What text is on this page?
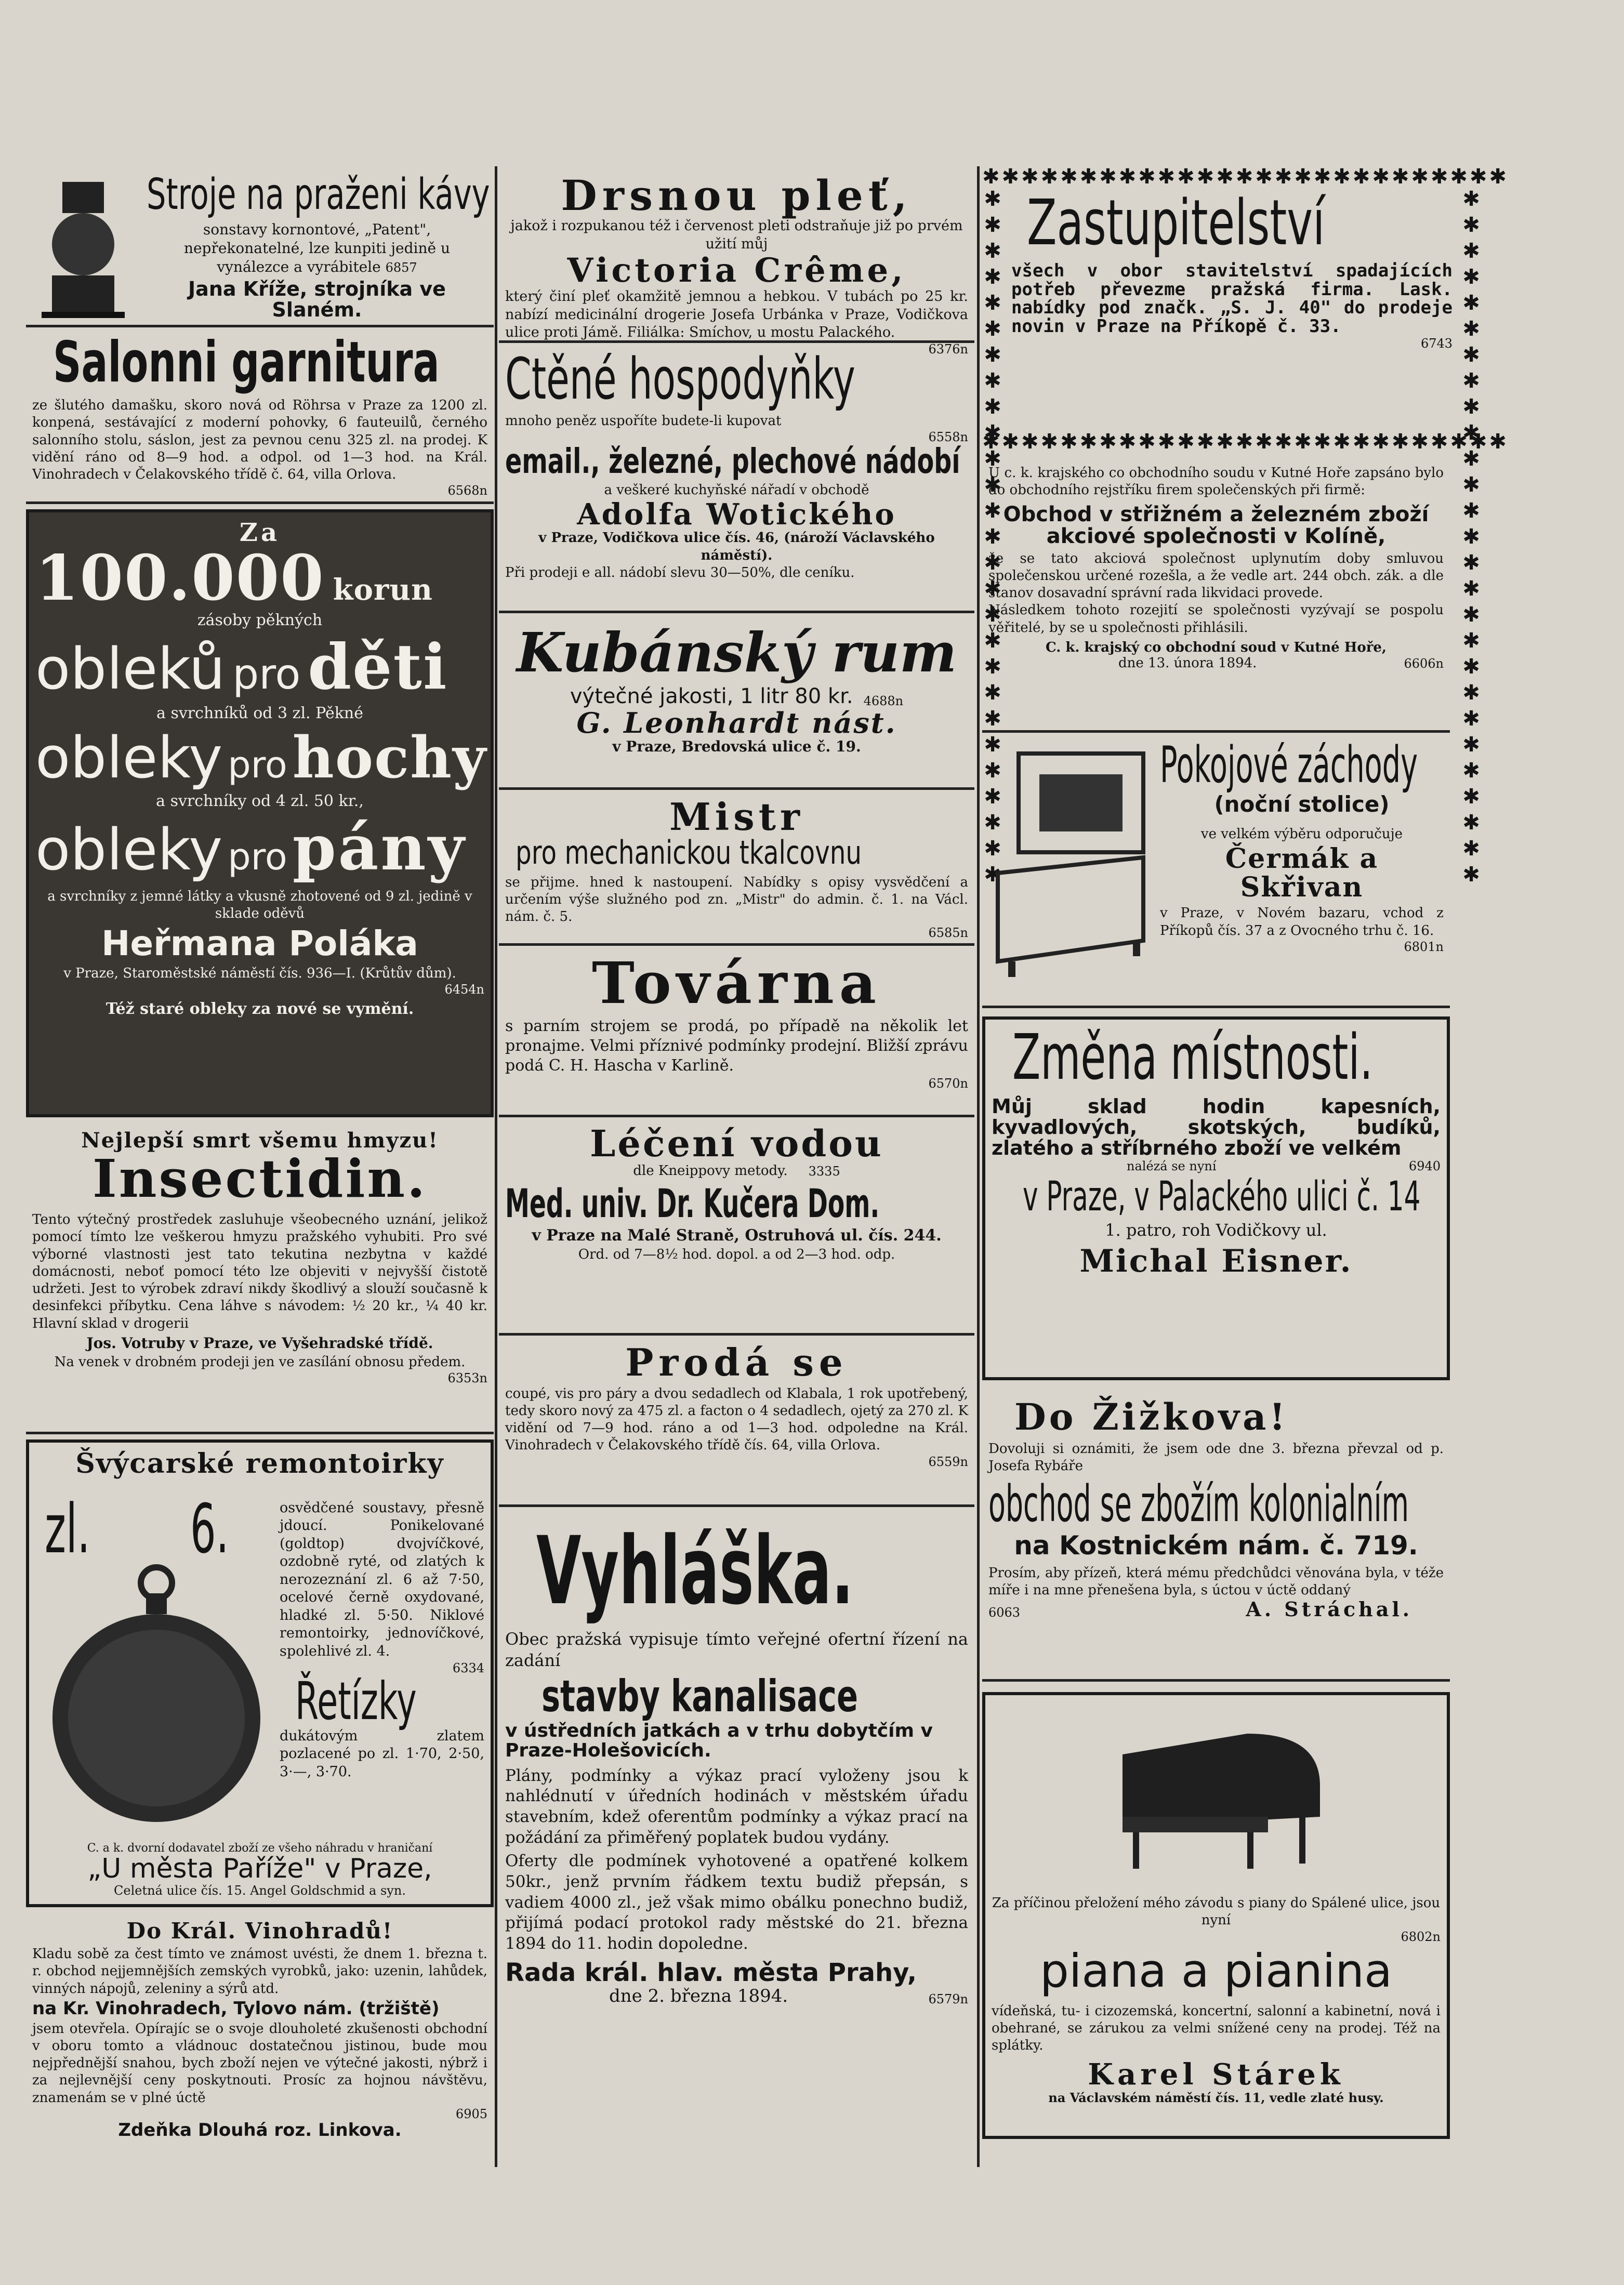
Stroje na praženi kávy
sonstavy kornontové, „Patent", nepřekonatelné, lze kunpiti jedině u vynálezce a vyrábitele 6857
Jana Kříže, strojníka ve Slaném.
Salonni garnitura
ze šlutého damašku, skoro nová od Röhrsa v Praze za 1200 zl. konpená, sestávající z moderní pohovky, 6 fauteuilů, černého salonního stolu, sáslon, jest za pevnou cenu 325 zl. na prodej. K vidění ráno od 8—9 hod. a odpol. od 1—3 hod. na Král. Vinohradech v Čelakovského třídě č. 64, villa Orlova.
6568n
Za
100.000 korun
zásoby pěkných
obleků pro děti
a svrchníků od 3 zl. Pěkné
obleky pro hochy
a svrchníky od 4 zl. 50 kr.,
obleky pro pány
a svrchníky z jemné látky a vkusně zhotovené od 9 zl. jedině v sklade oděvů
Heřmana Poláka
v Praze, Staroměstské náměstí čís. 936—I. (Krůtův dům).
6454n
Též staré obleky za nové se vymění.
Nejlepší smrt všemu hmyzu!
Insectidin.
Tento výtečný prostředek zasluhuje všeobecného uznání, jelikož pomocí tímto lze veškerou hmyzu pražského vyhubiti. Pro své výborné vlastnosti jest tato tekutina nezbytna v každé domácnosti, neboť pomocí této lze objeviti v nejvyšší čistotě udržeti. Jest to výrobek zdraví nikdy škodlivý a slouží současně k desinfekci příbytku. Cena láhve s návodem: ⅟₂ 20 kr., ⅟₄ 40 kr. Hlavní sklad v drogerii
Jos. Votruby v Praze, ve Vyšehradské třídě.
Na venek v drobném prodeji jen ve zasílání obnosu předem.
6353n
Švýcarské remontoirky
zl. 6.	osvědčené soustavy, přesně jdoucí. Ponikelované (goldtop) dvojvíčkové, ozdobně ryté, od zlatých k nerozeznání zl. 6 až 7·50, ocelové černě oxydované, hladké zl. 5·50. Niklové remontoirky, jednovíčkové, spolehlivé zl. 4.
6334
Řetízky
dukátovým zlatem pozlacené po zl. 1·70, 2·50, 3·—, 3·70.
C. a k. dvorní dodavatel zboží ze všeho náhradu v hraničaní
„U města Paříže" v Praze,
Celetná ulice čís. 15. Angel Goldschmid a syn.
Do Král. Vinohradů!
Kladu sobě za čest tímto ve známost uvésti, že dnem 1. března t. r. obchod nejjemnějších zemských vyrobků, jako: uzenin, lahůdek, vinných nápojů, zeleniny a sýrů atd.
na Kr. Vinohradech, Tylovo nám. (tržiště)
jsem otevřela. Opírajíc se o svoje dlouholeté zkušenosti obchodní v oboru tomto a vládnouc dostatečnou jistinou, bude mou nejpřednější snahou, bych zboží nejen ve výtečné jakosti, nýbrž i za nejlevnější ceny poskytnouti. Prosíc za hojnou návštěvu, znamenám se v plné úctě
6905
Zdeňka Dlouhá roz. Linkova.
Drsnou pleť,
jakož i rozpukanou též i červenost pleti odstraňuje již po prvém užití můj
Victoria Crême,
který činí pleť okamžitě jemnou a hebkou. V tubách po 25 kr. nabízí medicinální drogerie Josefa Urbánka v Praze, Vodičkova ulice proti Jámě. Filiálka: Smíchov, u mostu Palackého.
6376n
Ctěné hospodyňky
mnoho peněz uspoříte budete-li kupovat
6558n
email., železné, plechové nádobí
a veškeré kuchyňské nářadí v obchodě
Adolfa Wotického
v Praze, Vodičkova ulice čís. 46, (nároží Václavského náměstí).
Při prodeji e all. nádobí slevu 30—50%, dle ceníku.
Kubánský rum
výtečné jakosti, 1 litr 80 kr. 4688n
G. Leonhardt nást.
v Praze, Bredovská ulice č. 19.
Mistr
pro mechanickou tkalcovnu
se přijme. hned k nastoupení. Nabídky s opisy vysvědčení a určením výše služného pod zn. „Mistr" do admin. č. 1. na Václ. nám. č. 5.
6585n
Továrna
s parním strojem se prodá, po případě na několik let pronajme. Velmi příznivé podmínky prodejní. Bližší zprávu podá C. H. Hascha v Karlině.
6570n
Léčení vodou
dle Kneippovy metody. 3335
Med. univ. Dr. Kučera Dom.
v Praze na Malé Straně, Ostruhová ul. čís. 244.
Ord. od 7—8½ hod. dopol. a od 2—3 hod. odp.
Prodá se
coupé, vis pro páry a dvou sedadlech od Klabala, 1 rok upotřebený, tedy skoro nový za 475 zl. a facton o 4 sedadlech, ojetý za 270 zl. K vidění od 7—9 hod. ráno a od 1—3 hod. odpoledne na Král. Vinohradech v Čelakovského třídě čís. 64, villa Orlova.
6559n
Vyhláška.
Obec pražská vypisuje tímto veřejné ofertní řízení na zadání
stavby kanalisace
v ústředních jatkách a v trhu dobytčím v Praze-Holešovicích.
Plány, podmínky a výkaz prací vyloženy jsou k nahlédnutí v úředních hodinách v městském úřadu stavebním, kdež oferentům podmínky a výkaz prací na požádání za přiměřený poplatek budou vydány.
Oferty dle podmínek vyhotovené a opatřené kolkem 50kr., jenž prvním řádkem textu budiž přepsán, s vadiem 4000 zl., jež však mimo obálku ponechno budiž, přijímá podací protokol rady městské do 21. března 1894 do 11. hodin dopoledne.
Rada král. hlav. města Prahy,
dne 2. března 1894.	6579n
✱✱✱✱✱✱✱✱✱✱✱✱✱✱✱✱✱✱✱✱✱✱✱✱✱✱✱
✱✱✱✱✱✱✱✱✱✱✱✱✱✱✱✱✱✱✱✱✱✱✱✱✱✱✱ Zastupitelství
všech v obor stavitelství spadajících potřeb převezme pražská firma. Lask. nabídky pod značk. „S. J. 40" do prodeje novin v Praze na Příkopě č. 33.
6743 ✱✱✱✱✱✱✱✱✱✱✱✱✱✱✱✱✱✱✱✱✱✱✱✱✱✱✱
✱✱✱✱✱✱✱✱✱✱✱✱✱✱✱✱✱✱✱✱✱✱✱✱✱✱✱
U c. k. krajského co obchodního soudu v Kutné Hoře zapsáno bylo do obchodního rejstříku firem společenských při firmě:
Obchod v střižném a železném zboží akciové společnosti v Kolíně,
že se tato akciová společnost uplynutím doby smluvou společenskou určené rozešla, a že vedle art. 244 obch. zák. a dle stanov dosavadní správní rada likvidaci provede.
Následkem tohoto rozejití se společnosti vyzývají se pospolu věřitelé, by se u společnosti přihlásili.
C. k. krajský co obchodní soud v Kutné Hoře,
dne 13. února 1894.	6606n
Pokojové záchody
(noční stolice)
ve velkém výběru odporučuje
Čermák a Skřivan
v Praze, v Novém bazaru, vchod z Příkopů čís. 37 a z Ovocného trhu č. 16.
6801n
Změna místnosti.
Můj sklad hodin kapesních, kyvadlových, skotských, budíků, zlatého a stříbrného zboží ve velkém
nalézá se nyní	6940
v Praze, v Palackého ulici č. 14
1. patro, roh Vodičkovy ul.
Michal Eisner.
Do Žižkova!
Dovoluji si oznámiti, že jsem ode dne 3. března převzal od p. Josefa Rybáře
obchod se zbožím kolonialním
na Kostnickém nám. č. 719.
Prosím, aby přízeň, která mému předchůdci věnována byla, v téže míře i na mne přenešena byla, s úctou v úctě oddaný
6063	A. Stráchal.
Za příčinou přeložení mého závodu s piany do Spálené ulice, jsou nyní
6802n
piana a pianina
vídeňská, tu- i cizozemská, koncertní, salonní a kabinetní, nová i obehrané, se zárukou za velmi snížené ceny na prodej. Též na splátky.
Karel Stárek
na Václavském náměstí čís. 11, vedle zlaté husy.
